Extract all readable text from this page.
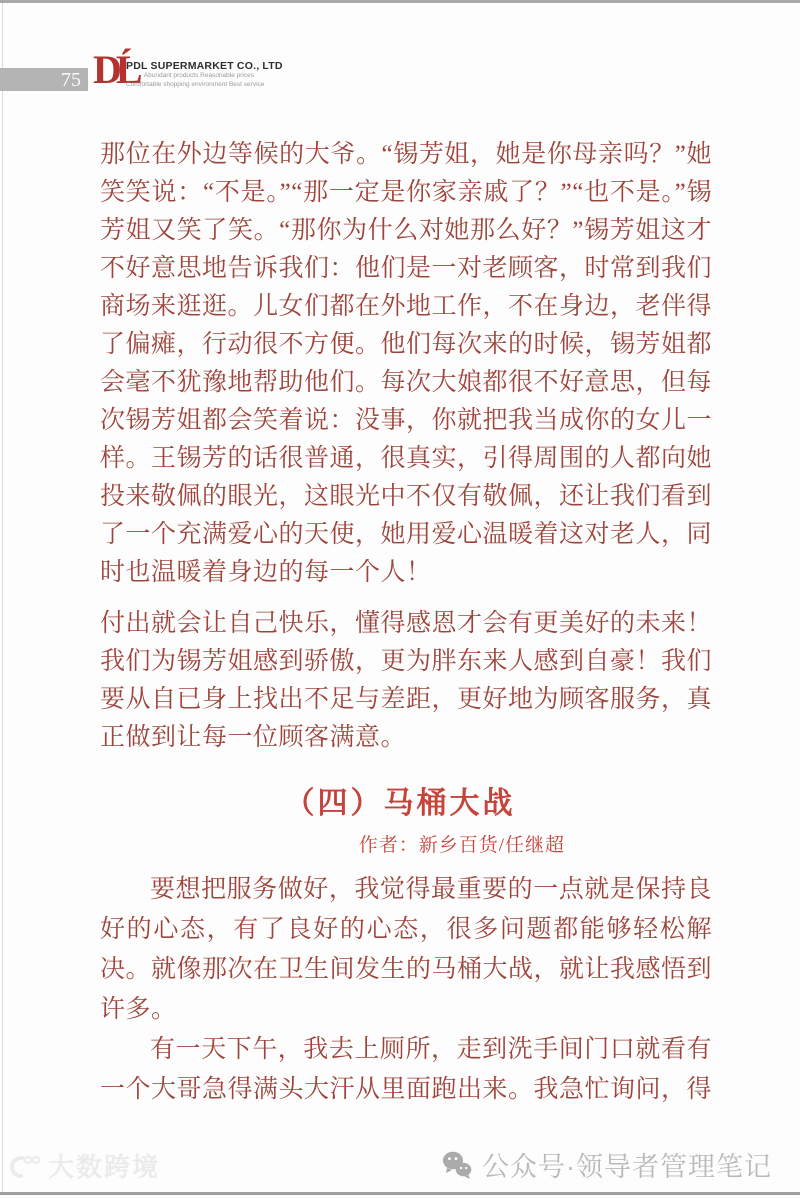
75 DĹ
PDL SUPERMARKET CO., LTD
Abundant products Reasonable prices
Comfortable shopping environment Best service

那位在外边等候的大爷。“锡芳姐，她是你母亲吗？”她笑笑说：“不是。”“那一定是你家亲戚了？”“也不是。”锡芳姐又笑了笑。“那你为什么对她那么好？”锡芳姐这才不好意思地告诉我们：他们是一对老顾客，时常到我们商场来逛逛。儿女们都在外地工作，不在身边，老伴得了偏瘫，行动很不方便。他们每次来的时候，锡芳姐都会毫不犹豫地帮助他们。每次大娘都很不好意思，但每次锡芳姐都会笑着说：没事，你就把我当成你的女儿一样。王锡芳的话很普通，很真实，引得周围的人都向她投来敬佩的眼光，这眼光中不仅有敬佩，还让我们看到了一个充满爱心的天使，她用爱心温暖着这对老人，同时也温暖着身边的每一个人！

付出就会让自己快乐，懂得感恩才会有更美好的未来！我们为锡芳姐感到骄傲，更为胖东来人感到自豪！我们要从自已身上找出不足与差距，更好地为顾客服务，真正做到让每一位顾客满意。

（四）马桶大战
作者：新乡百货/任继超

要想把服务做好，我觉得最重要的一点就是保持良好的心态，有了良好的心态，很多问题都能够轻松解决。就像那次在卫生间发生的马桶大战，就让我感悟到许多。

有一天下午，我去上厕所，走到洗手间门口就看有一个大哥急得满头大汗从里面跑出来。我急忙询问，得

大数跨境	公众号·领导者管理笔记
